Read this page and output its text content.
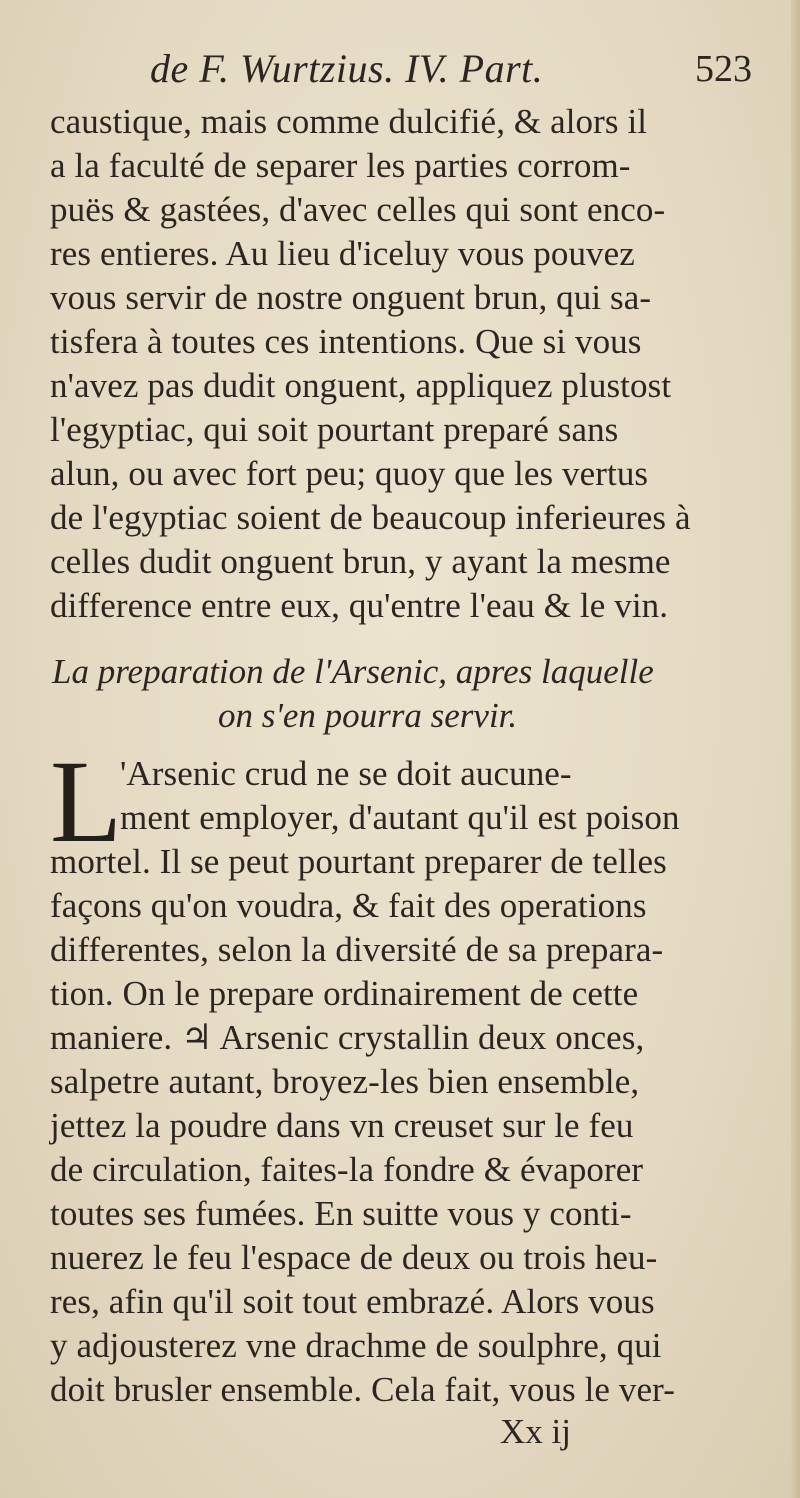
de F. Wurtzius. IV. Part.	523
caustique, mais comme dulcifié, & alors il
a la faculté de separer les parties corrom-
puës & gastées, d'avec celles qui sont enco-
res entieres. Au lieu d'iceluy vous pouvez
vous servir de nostre onguent brun, qui sa-
tisfera à toutes ces intentions. Que si vous
n'avez pas dudit onguent, appliquez plustost
l'egyptiac, qui soit pourtant preparé sans
alun, ou avec fort peu; quoy que les vertus
de l'egyptiac soient de beaucoup inferieures à
celles dudit onguent brun, y ayant la mesme
difference entre eux, qu'entre l'eau & le vin.
La preparation de l'Arsenic, apres laquelle
on s'en pourra servir.
L
'Arsenic crud ne se doit aucune-
ment employer, d'autant qu'il est poison
mortel. Il se peut pourtant preparer de telles
façons qu'on voudra, & fait des operations
differentes, selon la diversité de sa prepara-
tion. On le prepare ordinairement de cette
maniere. ♃ Arsenic crystallin deux onces,
salpetre autant, broyez-les bien ensemble,
jettez la poudre dans vn creuset sur le feu
de circulation, faites-la fondre & évaporer
toutes ses fumées. En suitte vous y conti-
nuerez le feu l'espace de deux ou trois heu-
res, afin qu'il soit tout embrazé. Alors vous
y adjousterez vne drachme de soulphre, qui
doit brusler ensemble. Cela fait, vous le ver-
Xx ij
